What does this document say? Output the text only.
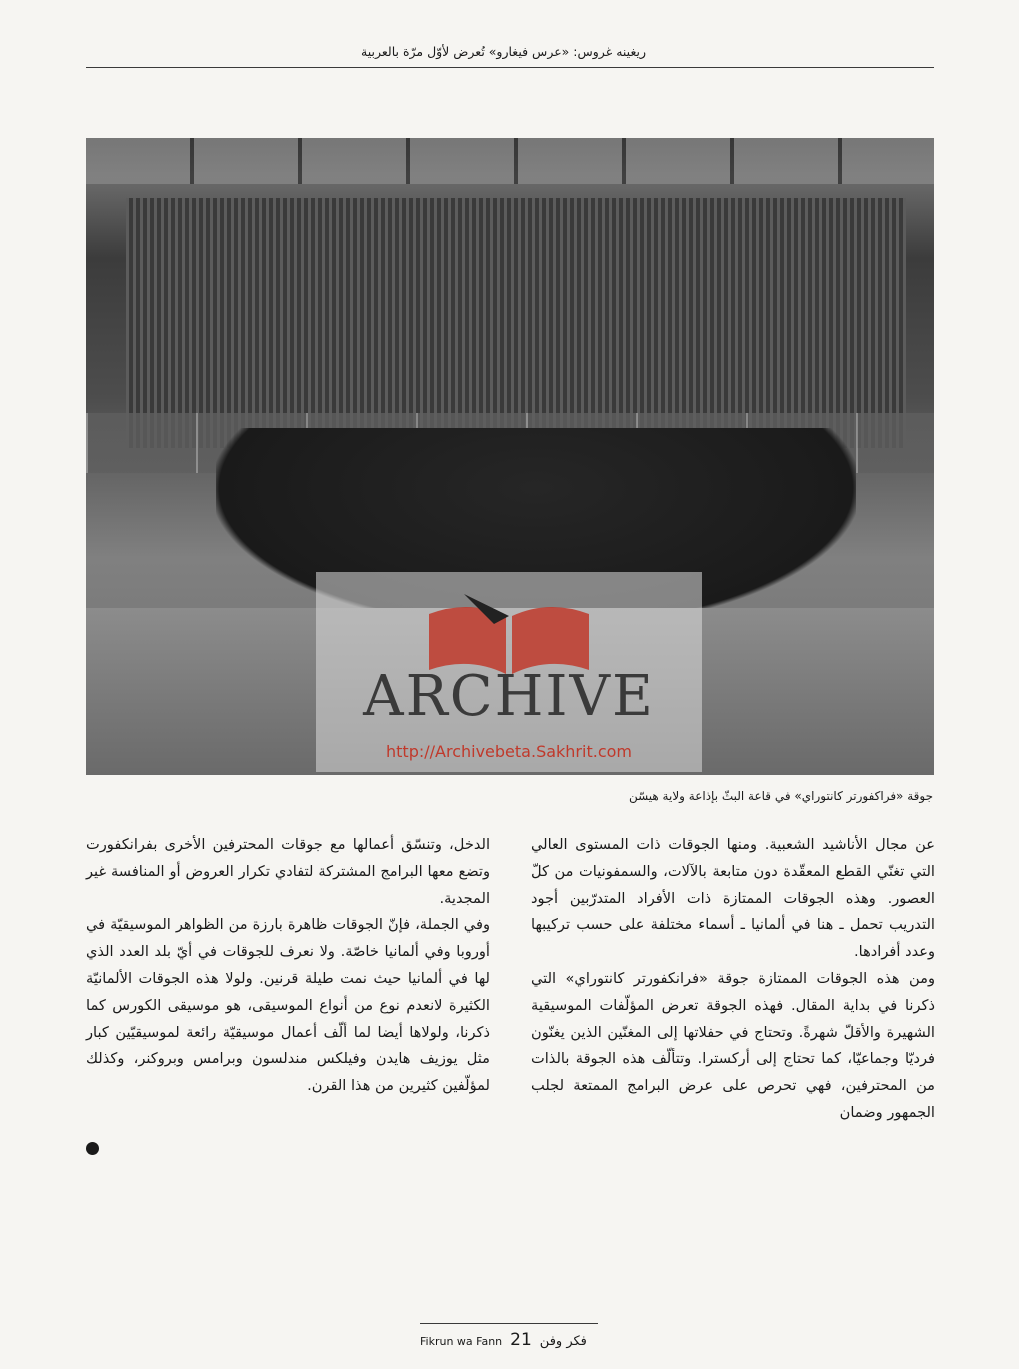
ريغينه غروس: «عرس فيغارو» تُعرض لأوّل مرّة بالعربية
ARCHIVE
http://Archivebeta.Sakhrit.com
جوقة «فراكفورتر كانتوراي» في قاعة البثّ بإذاعة ولاية هيسّن

عن مجال الأناشيد الشعبية. ومنها الجوقات ذات المستوى العالي التي تغنّي القطع المعقّدة دون متابعة بالآلات، والسمفونيات من كلّ العصور. وهذه الجوقات الممتازة ذات الأفراد المتدرّبين أجود التدريب تحمل ـ هنا في ألمانيا ـ أسماء مختلفة على حسب تركيبها وعدد أفرادها.

ومن هذه الجوقات الممتازة جوقة «فرانكفورتر كانتوراي» التي ذكرنا في بداية المقال. فهذه الجوقة تعرض المؤلّفات الموسيقية الشهيرة والأقلّ شهرةً. وتحتاج في حفلاتها إلى المغنّين الذين يغنّون فرديّا وجماعيّا، كما تحتاج إلى أركسترا. وتتألّف هذه الجوقة بالذات من المحترفين، فهي تحرص على عرض البرامج الممتعة لجلب الجمهور وضمان

الدخل، وتنسّق أعمالها مع جوقات المحترفين الأخرى بفرانكفورت وتضع معها البرامج المشتركة لتفادي تكرار العروض أو المنافسة غير المجدية.

وفي الجملة، فإنّ الجوقات ظاهرة بارزة من الظواهر الموسيقيّة في أوروبا وفي ألمانيا خاصّة. ولا نعرف للجوقات في أيّ بلد العدد الذي لها في ألمانيا حيث نمت طيلة قرنين. ولولا هذه الجوقات الألمانيّة الكثيرة لانعدم نوع من أنواع الموسيقى، هو موسيقى الكورس كما ذكرنا، ولولاها أيضا لما ألّف أعمال موسيقيّة رائعة لموسيقيّين كبار مثل يوزيف هايدن وفيلكس مندلسون وبرامس وبروكنر، وكذلك لمؤلّفين كثيرين من هذا القرن.

Fikrun wa Fann 21 فكر وفن
